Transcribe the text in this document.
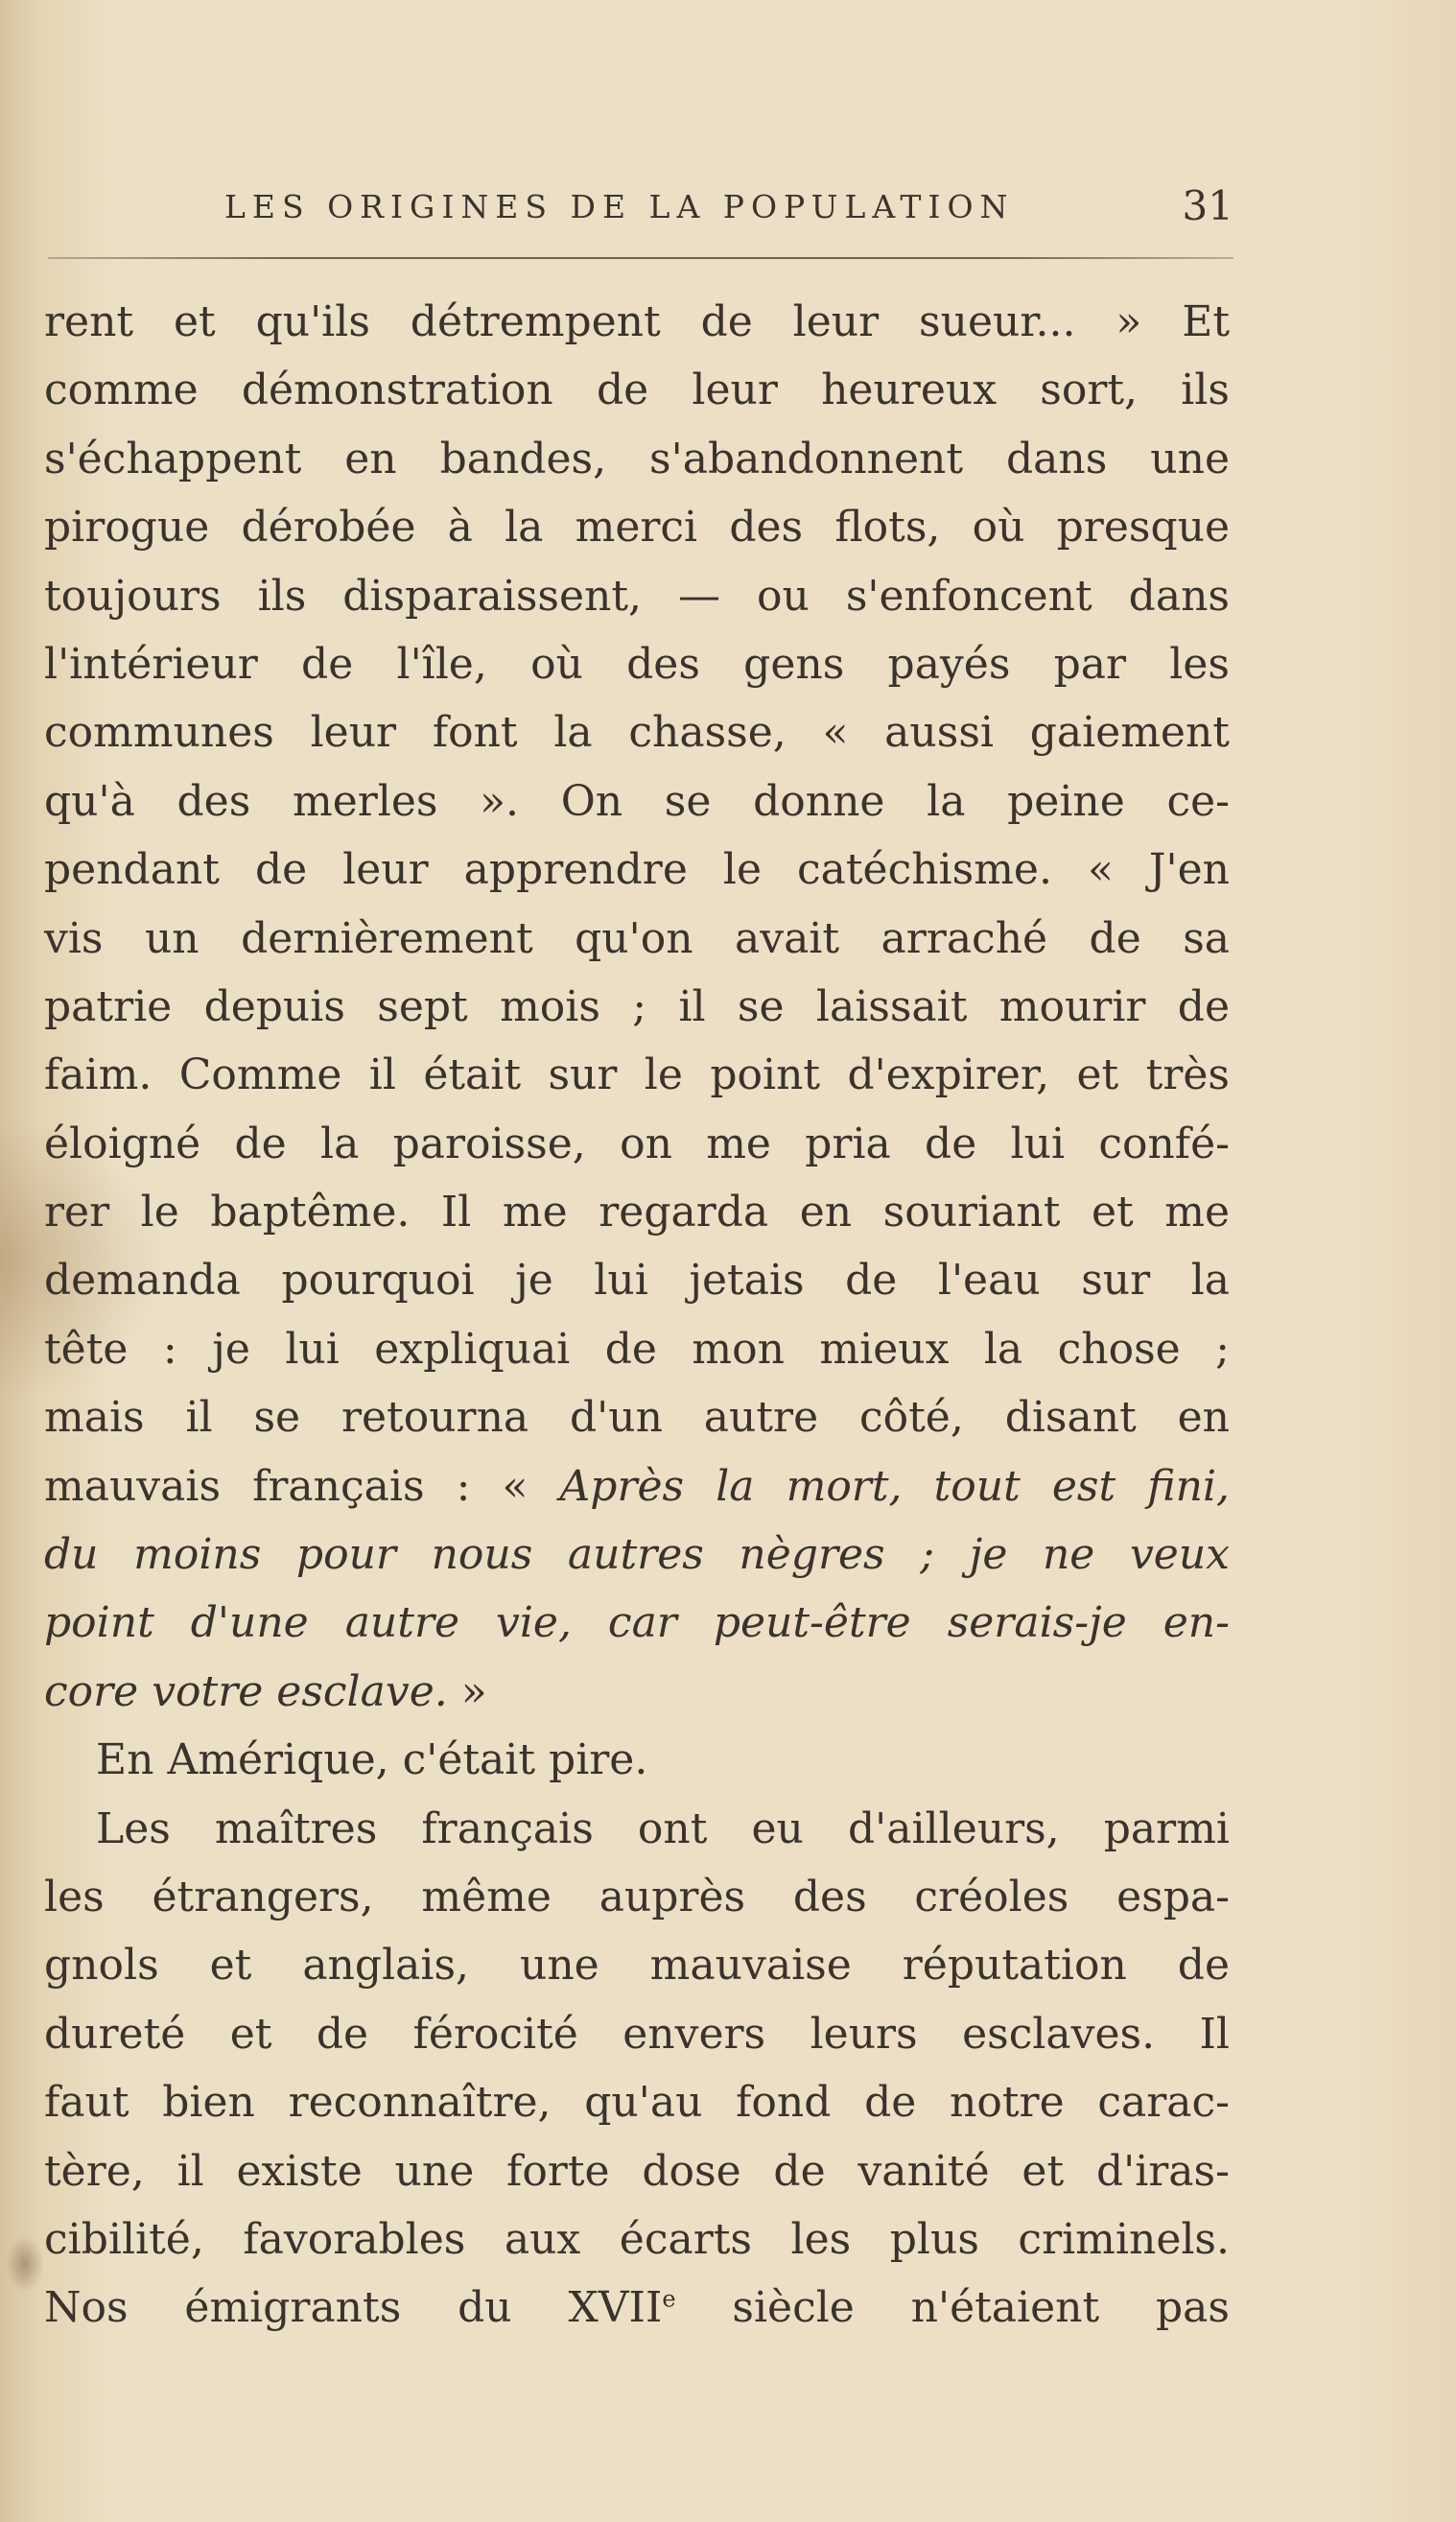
LES ORIGINES DE LA POPULATION	31
rent et qu'ils détrempent de leur sueur... » Et
comme démonstration de leur heureux sort, ils
s'échappent en bandes, s'abandonnent dans une
pirogue dérobée à la merci des flots, où presque
toujours ils disparaissent, — ou s'enfoncent dans
l'intérieur de l'île, où des gens payés par les
communes leur font la chasse, « aussi gaiement
qu'à des merles ». On se donne la peine ce-
pendant de leur apprendre le catéchisme. « J'en
vis un dernièrement qu'on avait arraché de sa
patrie depuis sept mois ; il se laissait mourir de
faim. Comme il était sur le point d'expirer, et très
éloigné de la paroisse, on me pria de lui confé-
rer le baptême. Il me regarda en souriant et me
demanda pourquoi je lui jetais de l'eau sur la
tête : je lui expliquai de mon mieux la chose ;
mais il se retourna d'un autre côté, disant en
mauvais français : « Après la mort, tout est fini,
du moins pour nous autres nègres ; je ne veux
point d'une autre vie, car peut-être serais-je en-
core votre esclave. »
En Amérique, c'était pire.
Les maîtres français ont eu d'ailleurs, parmi
les étrangers, même auprès des créoles espa-
gnols et anglais, une mauvaise réputation de
dureté et de férocité envers leurs esclaves. Il
faut bien reconnaître, qu'au fond de notre carac-
tère, il existe une forte dose de vanité et d'iras-
cibilité, favorables aux écarts les plus criminels.
Nos émigrants du XVIIe siècle n'étaient pas
